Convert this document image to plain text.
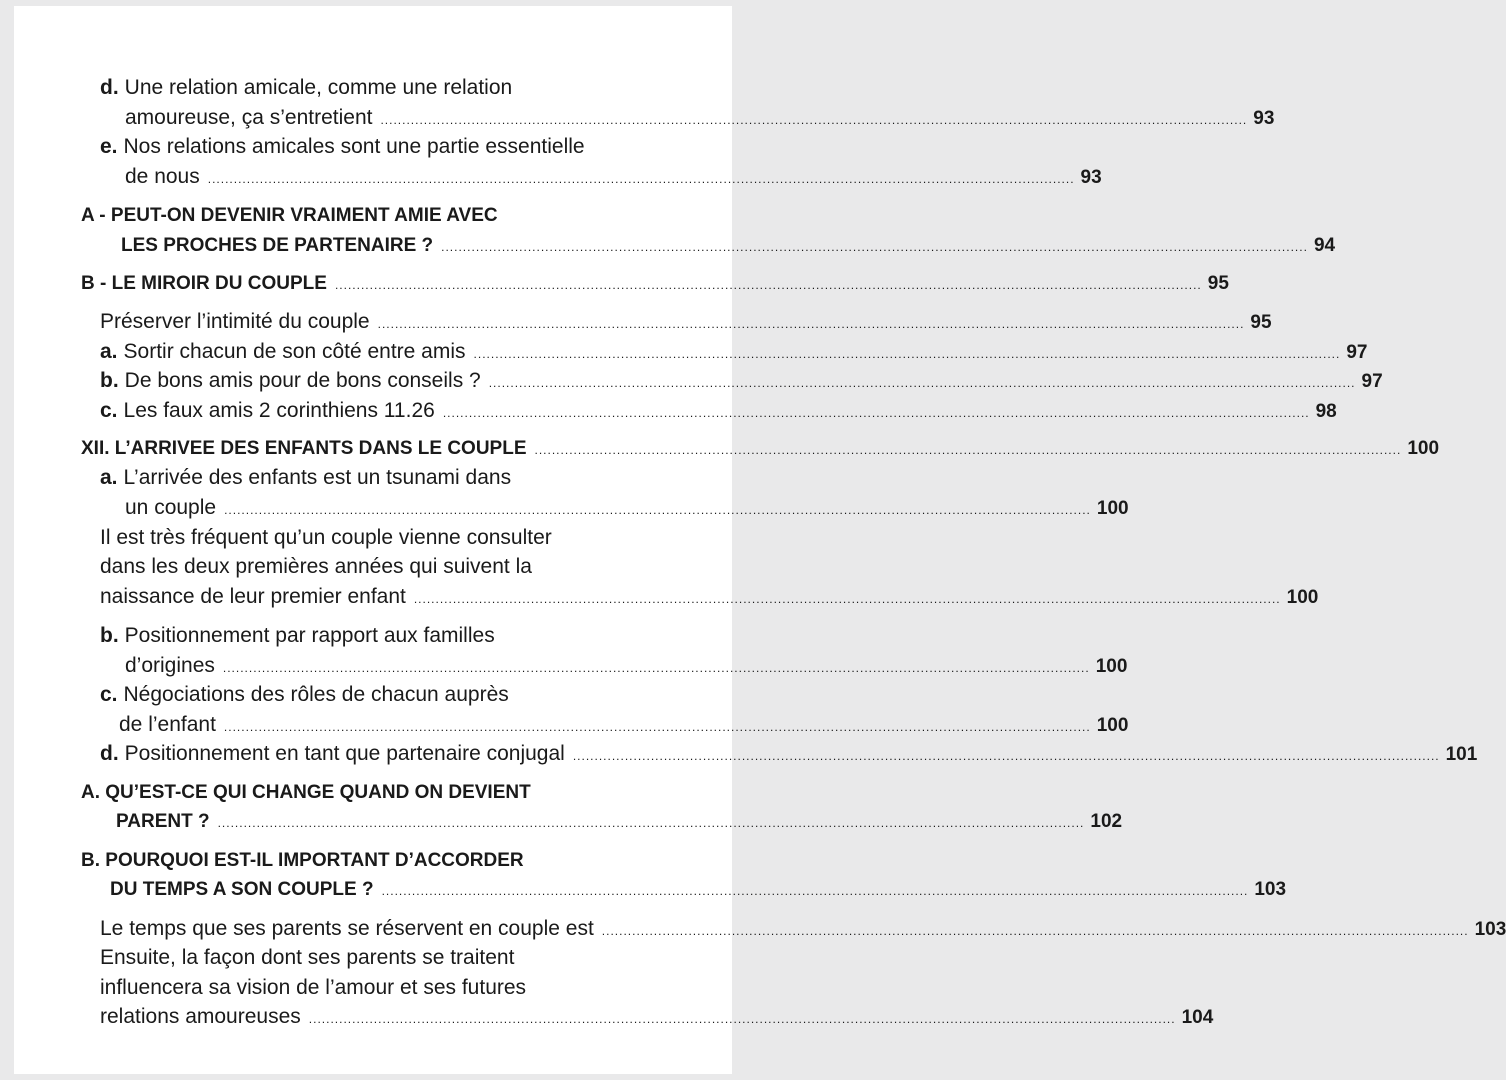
d. Une relation amicale, comme une relation
amoureuse, ça s’entretient ........................................................................................................................................................................................................ 93
e. Nos relations amicales sont une partie essentielle
de nous ........................................................................................................................................................................................................ 93
A - PEUT-ON DEVENIR VRAIMENT AMIE AVEC
LES PROCHES DE PARTENAIRE ? ........................................................................................................................................................................................................ 94
B - LE MIROIR DU COUPLE ........................................................................................................................................................................................................ 95
Préserver l’intimité du couple ........................................................................................................................................................................................................ 95
a. Sortir chacun de son côté entre amis ........................................................................................................................................................................................................ 97
b. De bons amis pour de bons conseils ? ........................................................................................................................................................................................................ 97
c. Les faux amis 2 corinthiens 11.26 ........................................................................................................................................................................................................ 98
XII. L’ARRIVEE DES ENFANTS DANS LE COUPLE ........................................................................................................................................................................................................ 100
a. L’arrivée des enfants est un tsunami dans
un couple ........................................................................................................................................................................................................ 100
Il est très fréquent qu’un couple vienne consulter
dans les deux premières années qui suivent la
naissance de leur premier enfant ........................................................................................................................................................................................................ 100
b. Positionnement par rapport aux familles
d’origines ........................................................................................................................................................................................................ 100
c. Négociations des rôles de chacun auprès
de l’enfant ........................................................................................................................................................................................................ 100
d. Positionnement en tant que partenaire conjugal ........................................................................................................................................................................................................ 101
A. QU’EST-CE QUI CHANGE QUAND ON DEVIENT
PARENT ? ........................................................................................................................................................................................................ 102
B. POURQUOI EST-IL IMPORTANT D’ACCORDER
DU TEMPS A SON COUPLE ? ........................................................................................................................................................................................................ 103
Le temps que ses parents se réservent en couple est ........................................................................................................................................................................................................ 103
Ensuite, la façon dont ses parents se traitent
influencera sa vision de l’amour et ses futures
relations amoureuses ........................................................................................................................................................................................................ 104
